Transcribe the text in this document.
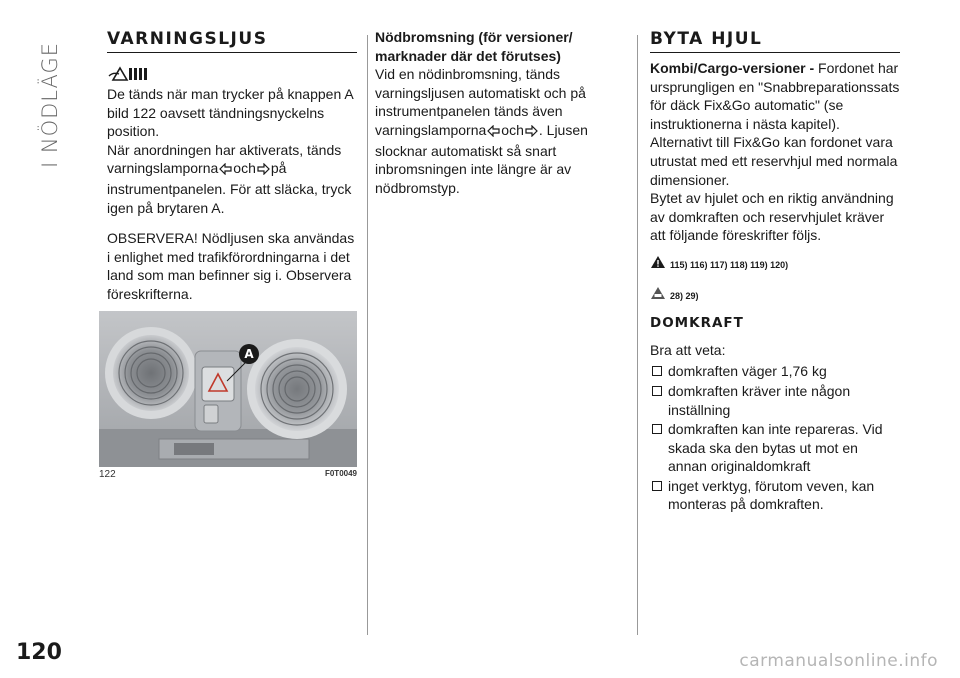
I NÖDLÄGE
120
VARNINGSLJUS

De tänds när man trycker på knappen A bild 122 oavsett tändningsnyckelns position.

När anordningen har aktiverats, tänds varningslamporna och på instrumentpanelen. För att släcka, tryck igen på brytaren A.

OBSERVERA! Nödljusen ska användas i enlighet med trafikförordningarna i det land som man befinner sig i. Observera föreskrifterna.

A
122	F0T0049

Nödbromsning (för versioner/ marknader där det förutses)

Vid en nödinbromsning, tänds varningsljusen automatiskt och på instrumentpanelen tänds även varningslamporna och . Ljusen slocknar automatiskt så snart inbromsningen inte längre är av nödbromstyp.

BYTA HJUL

Kombi/Cargo-versioner - Fordonet har ursprungligen en "Snabbreparationssats för däck Fix&Go automatic" (se instruktionerna i nästa kapitel). Alternativt till Fix&Go kan fordonet vara utrustat med ett reservhjul med normala dimensioner.

Bytet av hjulet och en riktig användning av domkraften och reservhjulet kräver att följande föreskrifter följs.

115) 116) 117) 118) 119) 120)
28) 29)
DOMKRAFT

Bra att veta:

domkraften väger 1,76 kg
domkraften kräver inte någon inställning
domkraften kan inte repareras. Vid skada ska den bytas ut mot en annan originaldomkraft
inget verktyg, förutom veven, kan monteras på domkraften.
carmanualsonline.info
